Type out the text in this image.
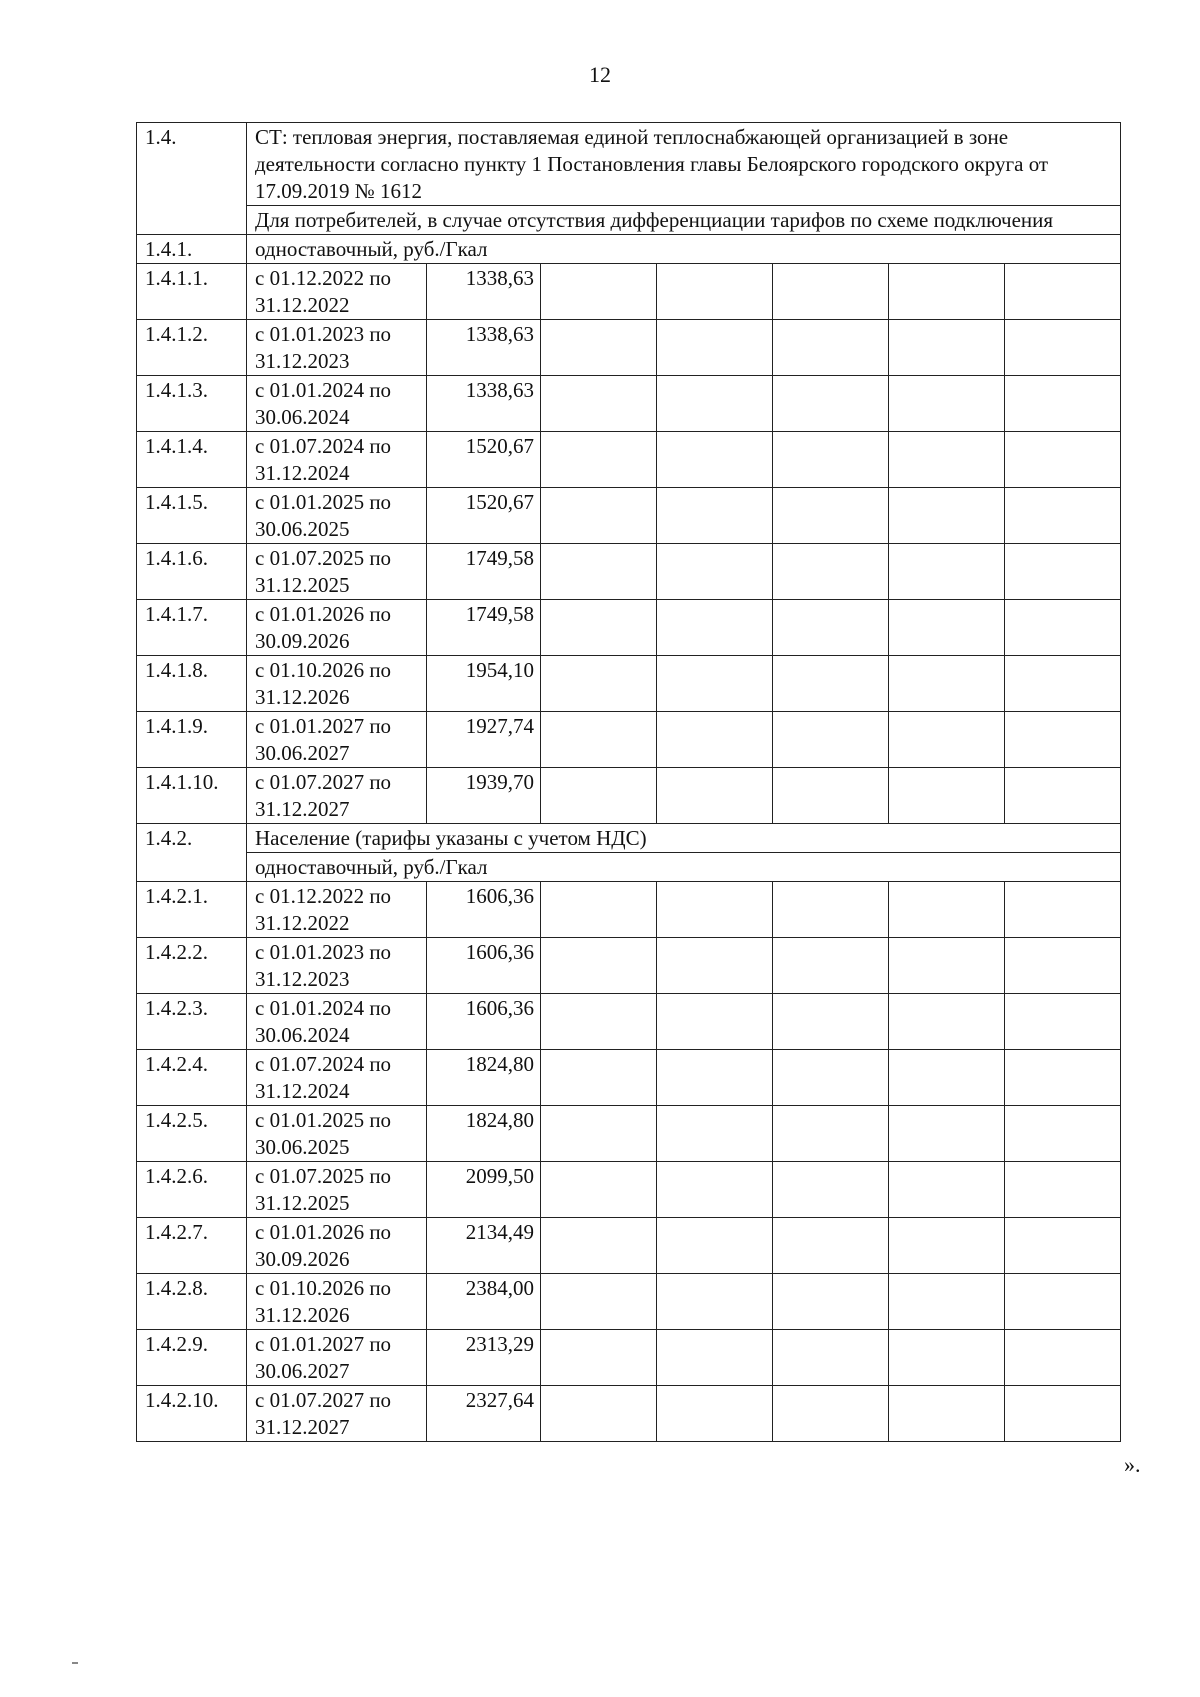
12
1.4.	СТ: тепловая энергия, поставляемая единой теплоснабжающей организацией в зоне деятельности согласно пункту 1 Постановления главы Белоярского городского округа от 17.09.2019 № 1612						
	Для потребителей, в случае отсутствия дифференциации тарифов по схеме подключения						
1.4.1.	одноставочный, руб./Гкал						
1.4.1.1.	с 01.12.2022 по 31.12.2022	1338,63					
1.4.1.2.	с 01.01.2023 по 31.12.2023	1338,63					
1.4.1.3.	с 01.01.2024 по 30.06.2024	1338,63					
1.4.1.4.	с 01.07.2024 по 31.12.2024	1520,67					
1.4.1.5.	с 01.01.2025 по 30.06.2025	1520,67					
1.4.1.6.	с 01.07.2025 по 31.12.2025	1749,58					
1.4.1.7.	с 01.01.2026 по 30.09.2026	1749,58					
1.4.1.8.	с 01.10.2026 по 31.12.2026	1954,10					
1.4.1.9.	с 01.01.2027 по 30.06.2027	1927,74					
1.4.1.10.	с 01.07.2027 по 31.12.2027	1939,70					
1.4.2.	Население (тарифы указаны с учетом НДС)						
	одноставочный, руб./Гкал						
1.4.2.1.	с 01.12.2022 по 31.12.2022	1606,36					
1.4.2.2.	с 01.01.2023 по 31.12.2023	1606,36					
1.4.2.3.	с 01.01.2024 по 30.06.2024	1606,36					
1.4.2.4.	с 01.07.2024 по 31.12.2024	1824,80					
1.4.2.5.	с 01.01.2025 по 30.06.2025	1824,80					
1.4.2.6.	с 01.07.2025 по 31.12.2025	2099,50					
1.4.2.7.	с 01.01.2026 по 30.09.2026	2134,49					
1.4.2.8.	с 01.10.2026 по 31.12.2026	2384,00					
1.4.2.9.	с 01.01.2027 по 30.06.2027	2313,29					
1.4.2.10.	с 01.07.2027 по 31.12.2027	2327,64					
».
